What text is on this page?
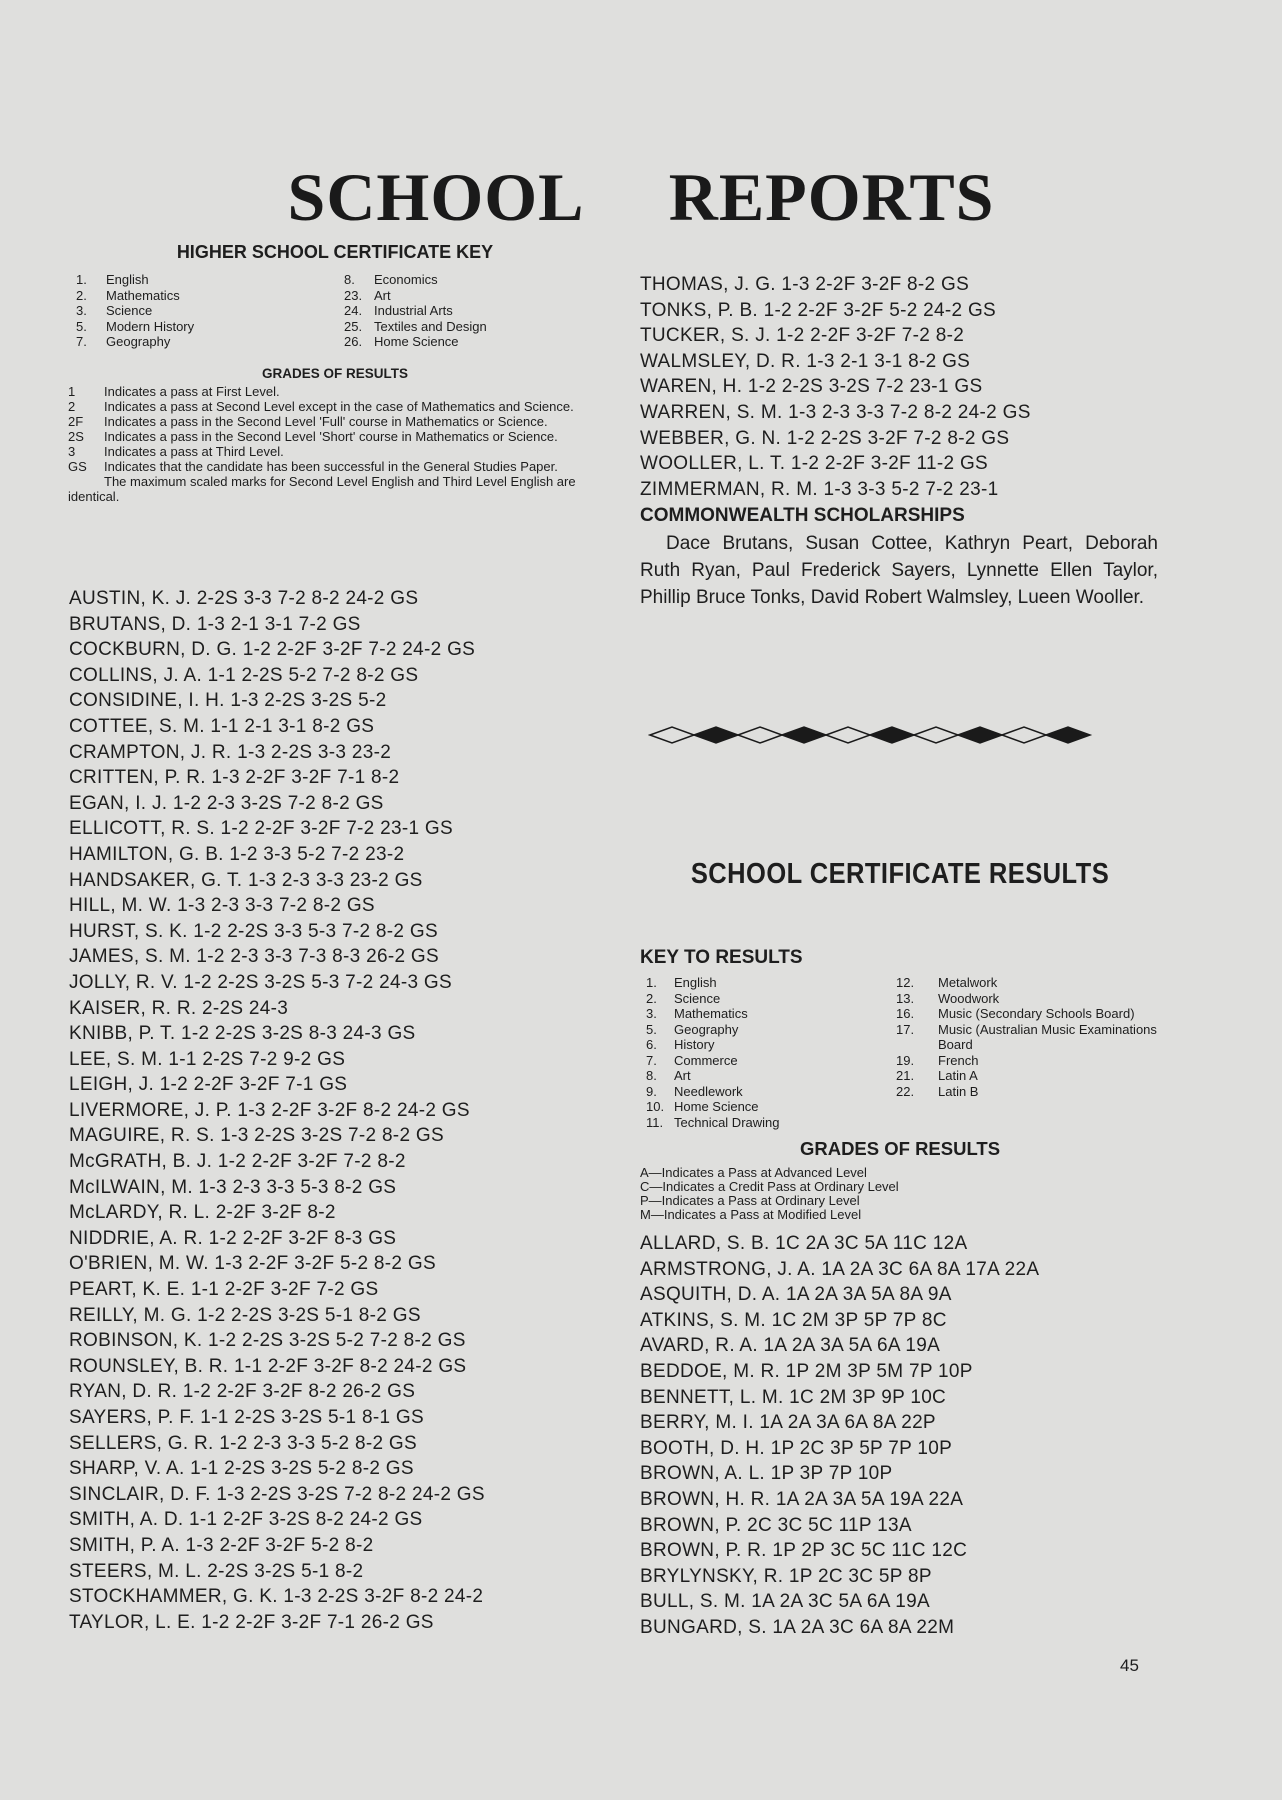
SCHOOL REPORTS
HIGHER SCHOOL CERTIFICATE KEY
1.	English
2.	Mathematics
3.	Science
5.	Modern History
7.	Geography
8.	Economics
23. Art
24. Industrial Arts
25. Textiles and Design
26. Home Science
GRADES OF RESULTS
1	Indicates a pass at First Level.
2	Indicates a pass at Second Level except in the case of Mathematics and Science.
2F	Indicates a pass in the Second Level 'Full' course in Mathematics or Science.
2S	Indicates a pass in the Second Level 'Short' course in Mathematics or Science.
3	Indicates a pass at Third Level.
GS	Indicates that the candidate has been successful in the General Studies Paper.
The maximum scaled marks for Second Level English and Third Level English are identical.
AUSTIN, K. J. 2-2S 3-3 7-2 8-2 24-2 GS
BRUTANS, D. 1-3 2-1 3-1 7-2 GS
COCKBURN, D. G. 1-2 2-2F 3-2F 7-2 24-2 GS
COLLINS, J. A. 1-1 2-2S 5-2 7-2 8-2 GS
CONSIDINE, I. H. 1-3 2-2S 3-2S 5-2
COTTEE, S. M. 1-1 2-1 3-1 8-2 GS
CRAMPTON, J. R. 1-3 2-2S 3-3 23-2
CRITTEN, P. R. 1-3 2-2F 3-2F 7-1 8-2
EGAN, I. J. 1-2 2-3 3-2S 7-2 8-2 GS
ELLICOTT, R. S. 1-2 2-2F 3-2F 7-2 23-1 GS
HAMILTON, G. B. 1-2 3-3 5-2 7-2 23-2
HANDSAKER, G. T. 1-3 2-3 3-3 23-2 GS
HILL, M. W. 1-3 2-3 3-3 7-2 8-2 GS
HURST, S. K. 1-2 2-2S 3-3 5-3 7-2 8-2 GS
JAMES, S. M. 1-2 2-3 3-3 7-3 8-3 26-2 GS
JOLLY, R. V. 1-2 2-2S 3-2S 5-3 7-2 24-3 GS
KAISER, R. R. 2-2S 24-3
KNIBB, P. T. 1-2 2-2S 3-2S 8-3 24-3 GS
LEE, S. M. 1-1 2-2S 7-2 9-2 GS
LEIGH, J. 1-2 2-2F 3-2F 7-1 GS
LIVERMORE, J. P. 1-3 2-2F 3-2F 8-2 24-2 GS
MAGUIRE, R. S. 1-3 2-2S 3-2S 7-2 8-2 GS
McGRATH, B. J. 1-2 2-2F 3-2F 7-2 8-2
McILWAIN, M. 1-3 2-3 3-3 5-3 8-2 GS
McLARDY, R. L. 2-2F 3-2F 8-2
NIDDRIE, A. R. 1-2 2-2F 3-2F 8-3 GS
O'BRIEN, M. W. 1-3 2-2F 3-2F 5-2 8-2 GS
PEART, K. E. 1-1 2-2F 3-2F 7-2 GS
REILLY, M. G. 1-2 2-2S 3-2S 5-1 8-2 GS
ROBINSON, K. 1-2 2-2S 3-2S 5-2 7-2 8-2 GS
ROUNSLEY, B. R. 1-1 2-2F 3-2F 8-2 24-2 GS
RYAN, D. R. 1-2 2-2F 3-2F 8-2 26-2 GS
SAYERS, P. F. 1-1 2-2S 3-2S 5-1 8-1 GS
SELLERS, G. R. 1-2 2-3 3-3 5-2 8-2 GS
SHARP, V. A. 1-1 2-2S 3-2S 5-2 8-2 GS
SINCLAIR, D. F. 1-3 2-2S 3-2S 7-2 8-2 24-2 GS
SMITH, A. D. 1-1 2-2F 3-2S 8-2 24-2 GS
SMITH, P. A. 1-3 2-2F 3-2F 5-2 8-2
STEERS, M. L. 2-2S 3-2S 5-1 8-2
STOCKHAMMER, G. K. 1-3 2-2S 3-2F 8-2 24-2
TAYLOR, L. E. 1-2 2-2F 3-2F 7-1 26-2 GS
THOMAS, J. G. 1-3 2-2F 3-2F 8-2 GS
TONKS, P. B. 1-2 2-2F 3-2F 5-2 24-2 GS
TUCKER, S. J. 1-2 2-2F 3-2F 7-2 8-2
WALMSLEY, D. R. 1-3 2-1 3-1 8-2 GS
WAREN, H. 1-2 2-2S 3-2S 7-2 23-1 GS
WARREN, S. M. 1-3 2-3 3-3 7-2 8-2 24-2 GS
WEBBER, G. N. 1-2 2-2S 3-2F 7-2 8-2 GS
WOOLLER, L. T. 1-2 2-2F 3-2F 11-2 GS
ZIMMERMAN, R. M. 1-3 3-3 5-2 7-2 23-1
COMMONWEALTH SCHOLARSHIPS
Dace Brutans, Susan Cottee, Kathryn Peart, Deborah Ruth Ryan, Paul Frederick Sayers, Lynnette Ellen Taylor, Phillip Bruce Tonks, David Robert Walmsley, Lueen Wooller.
SCHOOL CERTIFICATE RESULTS
KEY TO RESULTS
1.	English
2.	Science
3.	Mathematics
5.	Geography
6.	History
7.	Commerce
8.	Art
9.	Needlework
10. Home Science
11. Technical Drawing
12.	Metalwork
13.	Woodwork
16.	Music (Secondary Schools Board)
17.	Music (Australian Music Examinations Board
19.	French
21.	Latin A
22.	Latin B
GRADES OF RESULTS
A—Indicates a Pass at Advanced Level
C—Indicates a Credit Pass at Ordinary Level
P—Indicates a Pass at Ordinary Level
M—Indicates a Pass at Modified Level
ALLARD, S. B. 1C 2A 3C 5A 11C 12A
ARMSTRONG, J. A. 1A 2A 3C 6A 8A 17A 22A
ASQUITH, D. A. 1A 2A 3A 5A 8A 9A
ATKINS, S. M. 1C 2M 3P 5P 7P 8C
AVARD, R. A. 1A 2A 3A 5A 6A 19A
BEDDOE, M. R. 1P 2M 3P 5M 7P 10P
BENNETT, L. M. 1C 2M 3P 9P 10C
BERRY, M. I. 1A 2A 3A 6A 8A 22P
BOOTH, D. H. 1P 2C 3P 5P 7P 10P
BROWN, A. L. 1P 3P 7P 10P
BROWN, H. R. 1A 2A 3A 5A 19A 22A
BROWN, P. 2C 3C 5C 11P 13A
BROWN, P. R. 1P 2P 3C 5C 11C 12C
BRYLYNSKY, R. 1P 2C 3C 5P 8P
BULL, S. M. 1A 2A 3C 5A 6A 19A
BUNGARD, S. 1A 2A 3C 6A 8A 22M
45
